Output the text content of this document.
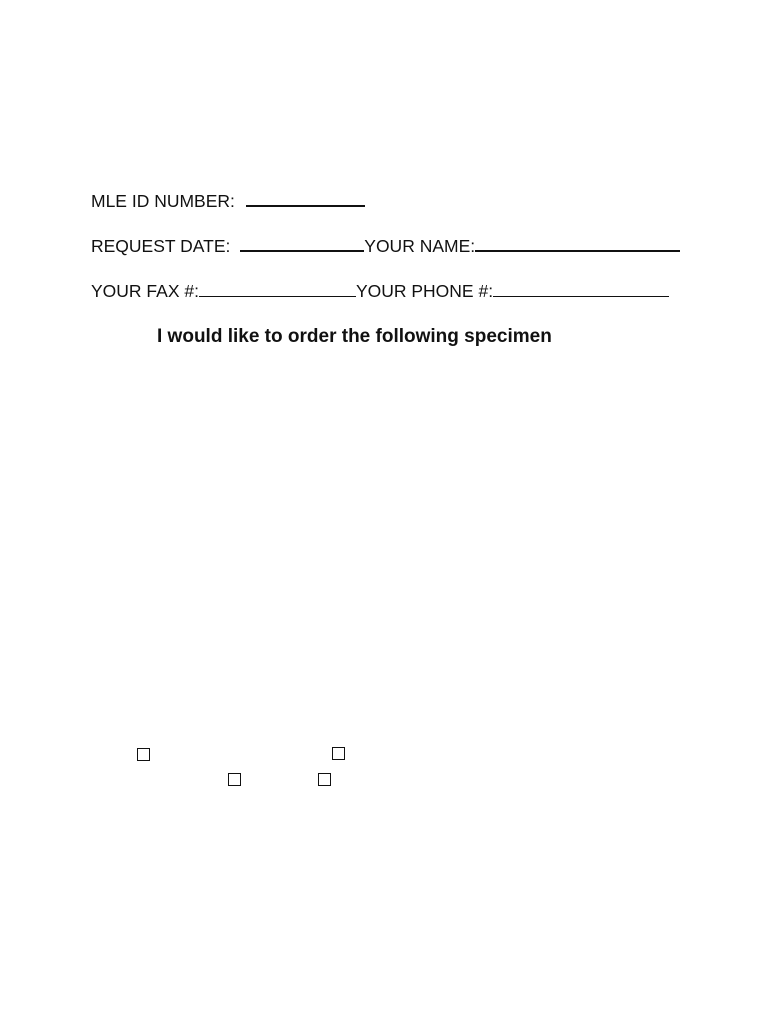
MLE ID NUMBER:
REQUEST DATE:	YOUR NAME:
YOUR FAX #:	YOUR PHONE #:
I would like to order the following specimen
